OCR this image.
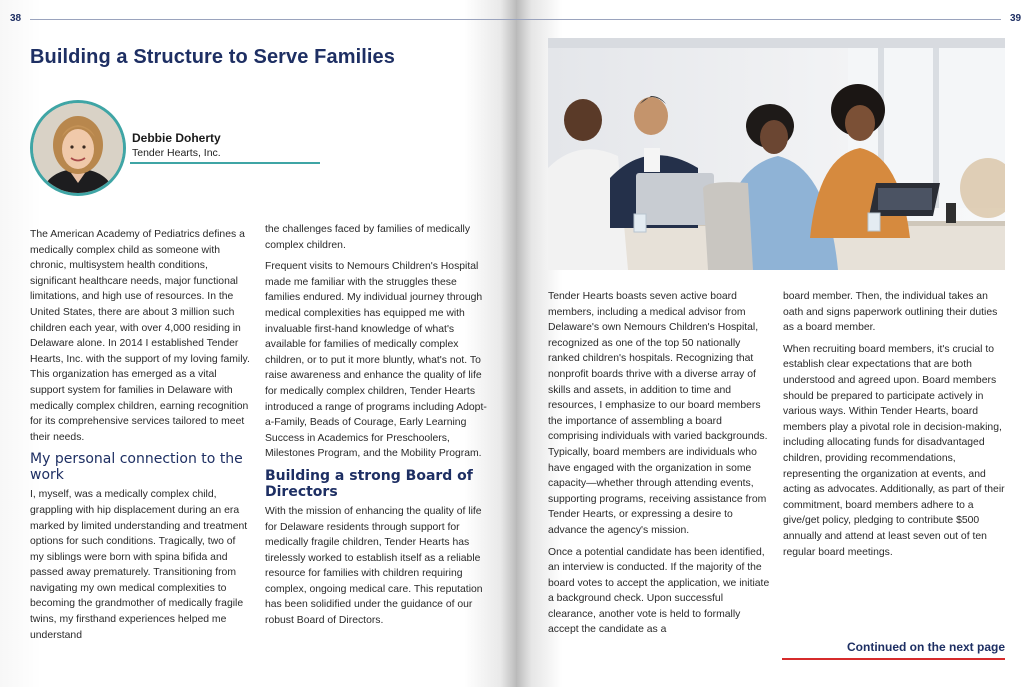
38
Building a Structure to Serve Families
Debbie Doherty
Tender Hearts, Inc.

The American Academy of Pediatrics defines a medically complex child as someone with chronic, multisystem health conditions, significant healthcare needs, major functional limitations, and high use of resources. In the United States, there are about 3 million such children each year, with over 4,000 residing in Delaware alone. In 2014 I established Tender Hearts, Inc. with the support of my loving family. This organization has emerged as a vital support system for families in Delaware with medically complex children, earning recognition for its comprehensive services tailored to meet their needs.

My personal connection to the work

I, myself, was a medically complex child, grappling with hip displacement during an era marked by limited understanding and treatment options for such conditions. Tragically, two of my siblings were born with spina bifida and passed away prematurely. Transitioning from navigating my own medical complexities to becoming the grandmother of medically fragile twins, my firsthand experiences helped me understand

the challenges faced by families of medically complex children.

Frequent visits to Nemours Children's Hospital made me familiar with the struggles these families endured. My individual journey through medical complexities has equipped me with invaluable first-hand knowledge of what's available for families of medically complex children, or to put it more bluntly, what's not. To raise awareness and enhance the quality of life for medically complex children, Tender Hearts introduced a range of programs including Adopt-a-Family, Beads of Courage, Early Learning Success in Academics for Preschoolers, Milestones Program, and the Mobility Program.

Building a strong Board of Directors

With the mission of enhancing the quality of life for Delaware residents through support for medically fragile children, Tender Hearts has tirelessly worked to establish itself as a reliable resource for families with children requiring complex, ongoing medical care. This reputation has been solidified under the guidance of our robust Board of Directors.

39

Tender Hearts boasts seven active board members, including a medical advisor from Delaware's own Nemours Children's Hospital, recognized as one of the top 50 nationally ranked children's hospitals. Recognizing that nonprofit boards thrive with a diverse array of skills and assets, in addition to time and resources, I emphasize to our board members the importance of assembling a board comprising individuals with varied backgrounds. Typically, board members are individuals who have engaged with the organization in some capacity—whether through attending events, supporting programs, receiving assistance from Tender Hearts, or expressing a desire to advance the agency's mission.

Once a potential candidate has been identified, an interview is conducted. If the majority of the board votes to accept the application, we initiate a background check. Upon successful clearance, another vote is held to formally accept the candidate as a

board member. Then, the individual takes an oath and signs paperwork outlining their duties as a board member.

When recruiting board members, it's crucial to establish clear expectations that are both understood and agreed upon. Board members should be prepared to participate actively in various ways. Within Tender Hearts, board members play a pivotal role in decision-making, including allocating funds for disadvantaged children, providing recommendations, representing the organization at events, and acting as advocates. Additionally, as part of their commitment, board members adhere to a give/get policy, pledging to contribute $500 annually and attend at least seven out of ten regular board meetings.

Continued on the next page
